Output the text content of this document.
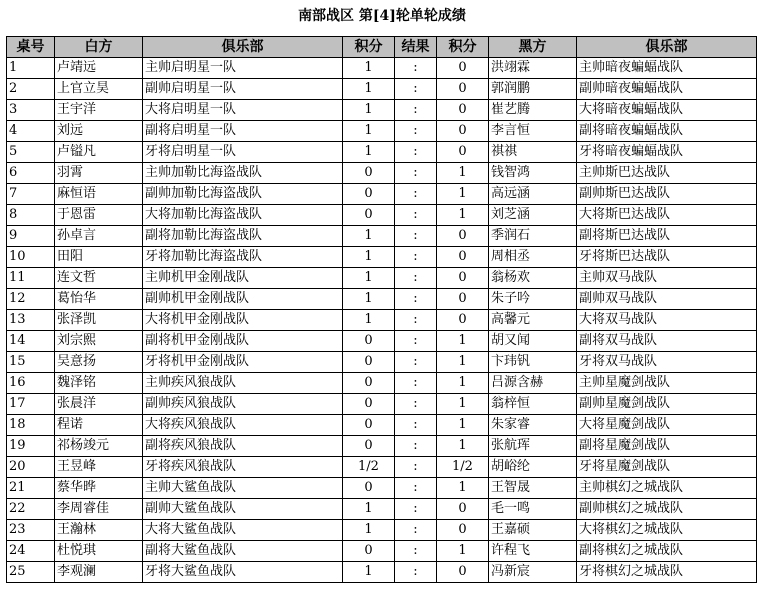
南部战区 第[4]轮单轮成绩
桌号	白方	俱乐部	积分	结果	积分	黑方	俱乐部
1	卢靖远	主帅启明星一队	1	:	0	洪翊霖	主帅暗夜蝙蝠战队
2	上官立昊	副帅启明星一队	1	:	0	郭润鹏	副帅暗夜蝙蝠战队
3	王宇洋	大将启明星一队	1	:	0	崔艺腾	大将暗夜蝙蝠战队
4	刘远	副将启明星一队	1	:	0	李言恒	副将暗夜蝙蝠战队
5	卢镒凡	牙将启明星一队	1	:	0	祺祺	牙将暗夜蝙蝠战队
6	羽霄	主帅加勒比海盗战队	0	:	1	钱智鸿	主帅斯巴达战队
7	麻恒语	副帅加勒比海盗战队	0	:	1	高远涵	副帅斯巴达战队
8	于恩雷	大将加勒比海盗战队	0	:	1	刘芝涵	大将斯巴达战队
9	孙卓言	副将加勒比海盗战队	1	:	0	季润石	副将斯巴达战队
10	田阳	牙将加勒比海盗战队	1	:	0	周相丞	牙将斯巴达战队
11	连文哲	主帅机甲金刚战队	1	:	0	翁杨欢	主帅双马战队
12	葛怡华	副帅机甲金刚战队	1	:	0	朱子吟	副帅双马战队
13	张泽凯	大将机甲金刚战队	1	:	0	高馨元	大将双马战队
14	刘宗熙	副将机甲金刚战队	0	:	1	胡又闻	副将双马战队
15	吴意扬	牙将机甲金刚战队	0	:	1	卞玮钒	牙将双马战队
16	魏泽铭	主帅疾风狼战队	0	:	1	吕源含赫	主帅星魔剑战队
17	张晨洋	副帅疾风狼战队	0	:	1	翁梓恒	副帅星魔剑战队
18	程诺	大将疾风狼战队	0	:	1	朱家睿	大将星魔剑战队
19	祁杨竣元	副将疾风狼战队	0	:	1	张航珲	副将星魔剑战队
20	王昱峰	牙将疾风狼战队	1/2	:	1/2	胡峪纶	牙将星魔剑战队
21	蔡华晔	主帅大鲨鱼战队	0	:	1	王智晟	主帅棋幻之城战队
22	李周睿佳	副帅大鲨鱼战队	1	:	0	毛一鸣	副帅棋幻之城战队
23	王瀚林	大将大鲨鱼战队	1	:	0	王嘉硕	大将棋幻之城战队
24	杜悦琪	副将大鲨鱼战队	0	:	1	许程飞	副将棋幻之城战队
25	李观澜	牙将大鲨鱼战队	1	:	0	冯新宸	牙将棋幻之城战队
